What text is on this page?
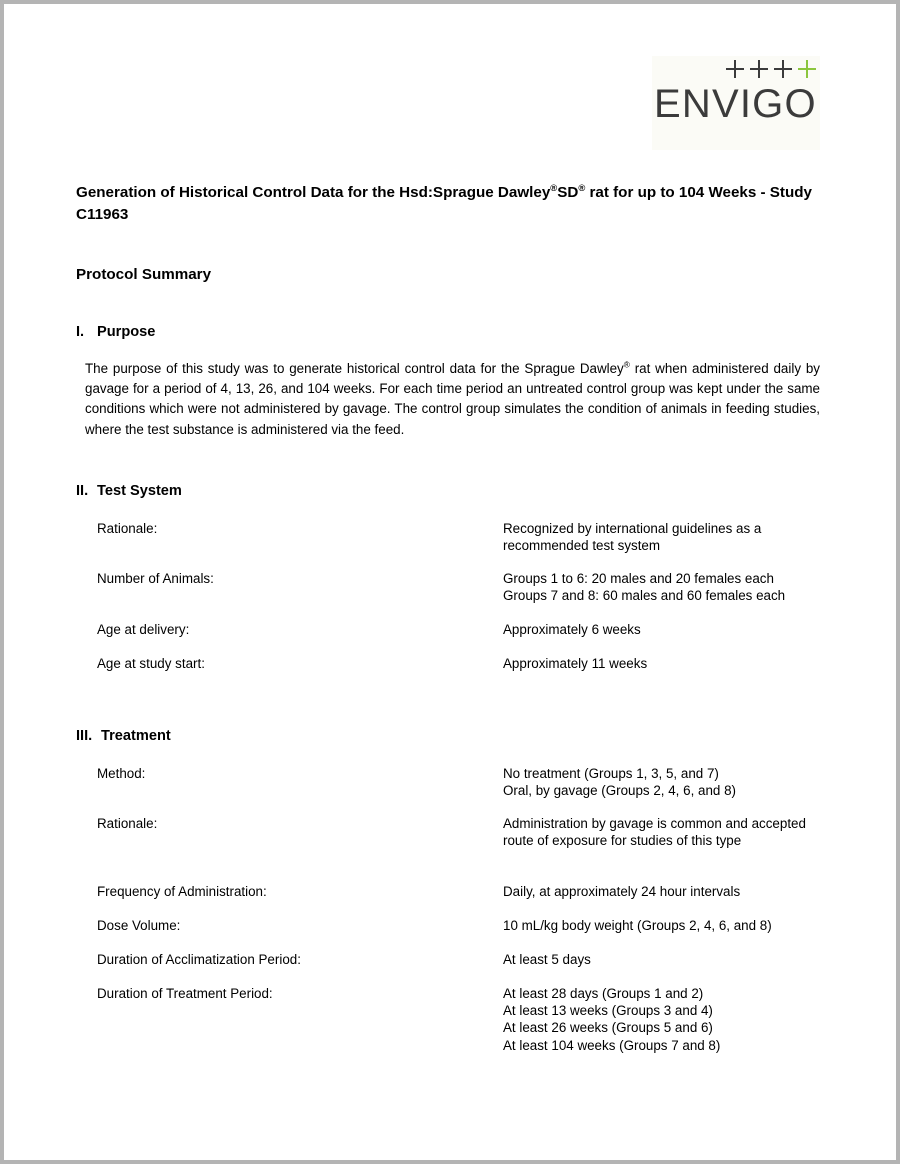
ENVIGO
Generation of Historical Control Data for the Hsd:Sprague Dawley®SD® rat for up to 104 Weeks - Study C11963
Protocol Summary
I. Purpose
The purpose of this study was to generate historical control data for the Sprague Dawley® rat when administered daily by gavage for a period of 4, 13, 26, and 104 weeks. For each time period an untreated control group was kept under the same conditions which were not administered by gavage. The control group simulates the condition of animals in feeding studies, where the test substance is administered via the feed.
II. Test System
III. Treatment
Rationale:	Recognized by international guidelines as a recommended test system
Number of Animals:	Groups 1 to 6: 20 males and 20 females each
Groups 7 and 8: 60 males and 60 females each
Age at delivery:	Approximately 6 weeks
Age at study start:	Approximately 11 weeks
Method:	No treatment (Groups 1, 3, 5, and 7)
Oral, by gavage (Groups 2, 4, 6, and 8)
Rationale:	Administration by gavage is common and accepted route of exposure for studies of this type
Frequency of Administration:	Daily, at approximately 24 hour intervals
Dose Volume:	10 mL/kg body weight (Groups 2, 4, 6, and 8)
Duration of Acclimatization Period:	At least 5 days
Duration of Treatment Period:	At least 28 days (Groups 1 and 2)
At least 13 weeks (Groups 3 and 4)
At least 26 weeks (Groups 5 and 6)
At least 104 weeks (Groups 7 and 8)
